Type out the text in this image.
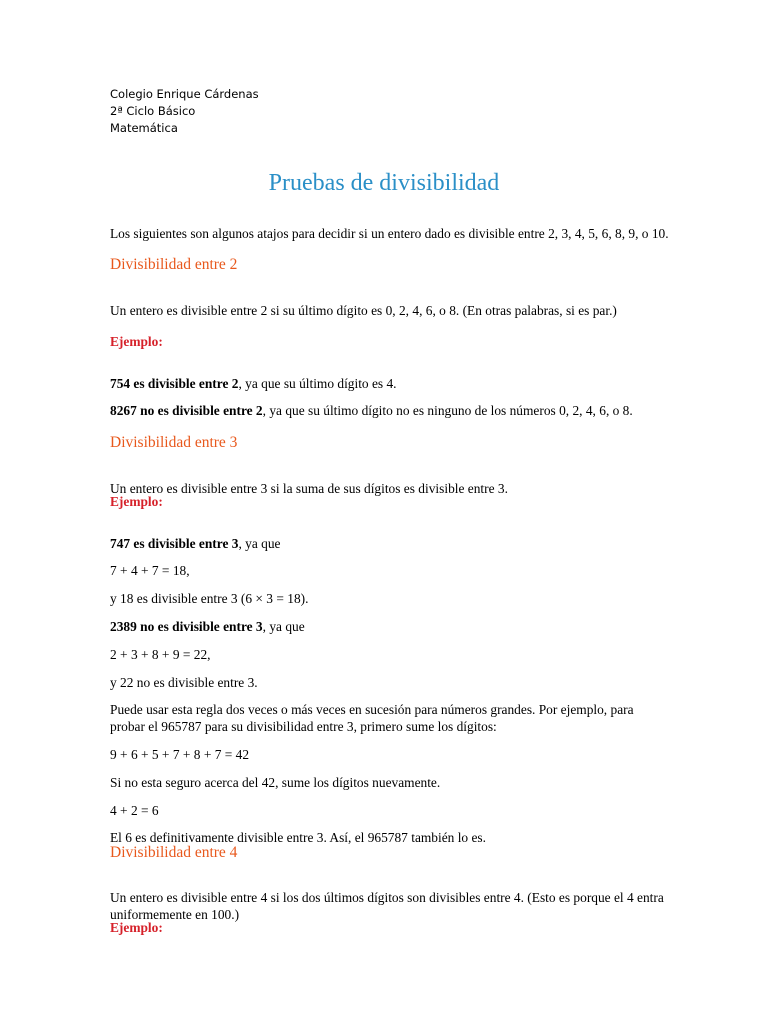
Colegio Enrique Cárdenas
2ª Ciclo Básico
Matemática
Pruebas de divisibilidad

Los siguientes son algunos atajos para decidir si un entero dado es divisible entre 2, 3, 4, 5, 6, 8, 9, o 10.

Divisibilidad entre 2

Un entero es divisible entre 2 si su último dígito es 0, 2, 4, 6, o 8. (En otras palabras, si es par.)

Ejemplo:

754 es divisible entre 2, ya que su último dígito es 4.

8267 no es divisible entre 2, ya que su último dígito no es ninguno de los números 0, 2, 4, 6, o 8.

Divisibilidad entre 3

Un entero es divisible entre 3 si la suma de sus dígitos es divisible entre 3.

Ejemplo:

747 es divisible entre 3, ya que

7 + 4 + 7 = 18,

y 18 es divisible entre 3 (6 × 3 = 18).

2389 no es divisible entre 3, ya que

2 + 3 + 8 + 9 = 22,

y 22 no es divisible entre 3.

Puede usar esta regla dos veces o más veces en sucesión para números grandes. Por ejemplo, para probar el 965787 para su divisibilidad entre 3, primero sume los dígitos:

9 + 6 + 5 + 7 + 8 + 7 = 42

Si no esta seguro acerca del 42, sume los dígitos nuevamente.

4 + 2 = 6

El 6 es definitivamente divisible entre 3. Así, el 965787 también lo es.

Divisibilidad entre 4

Un entero es divisible entre 4 si los dos últimos dígitos son divisibles entre 4. (Esto es porque el 4 entra uniformemente en 100.)

Ejemplo:
